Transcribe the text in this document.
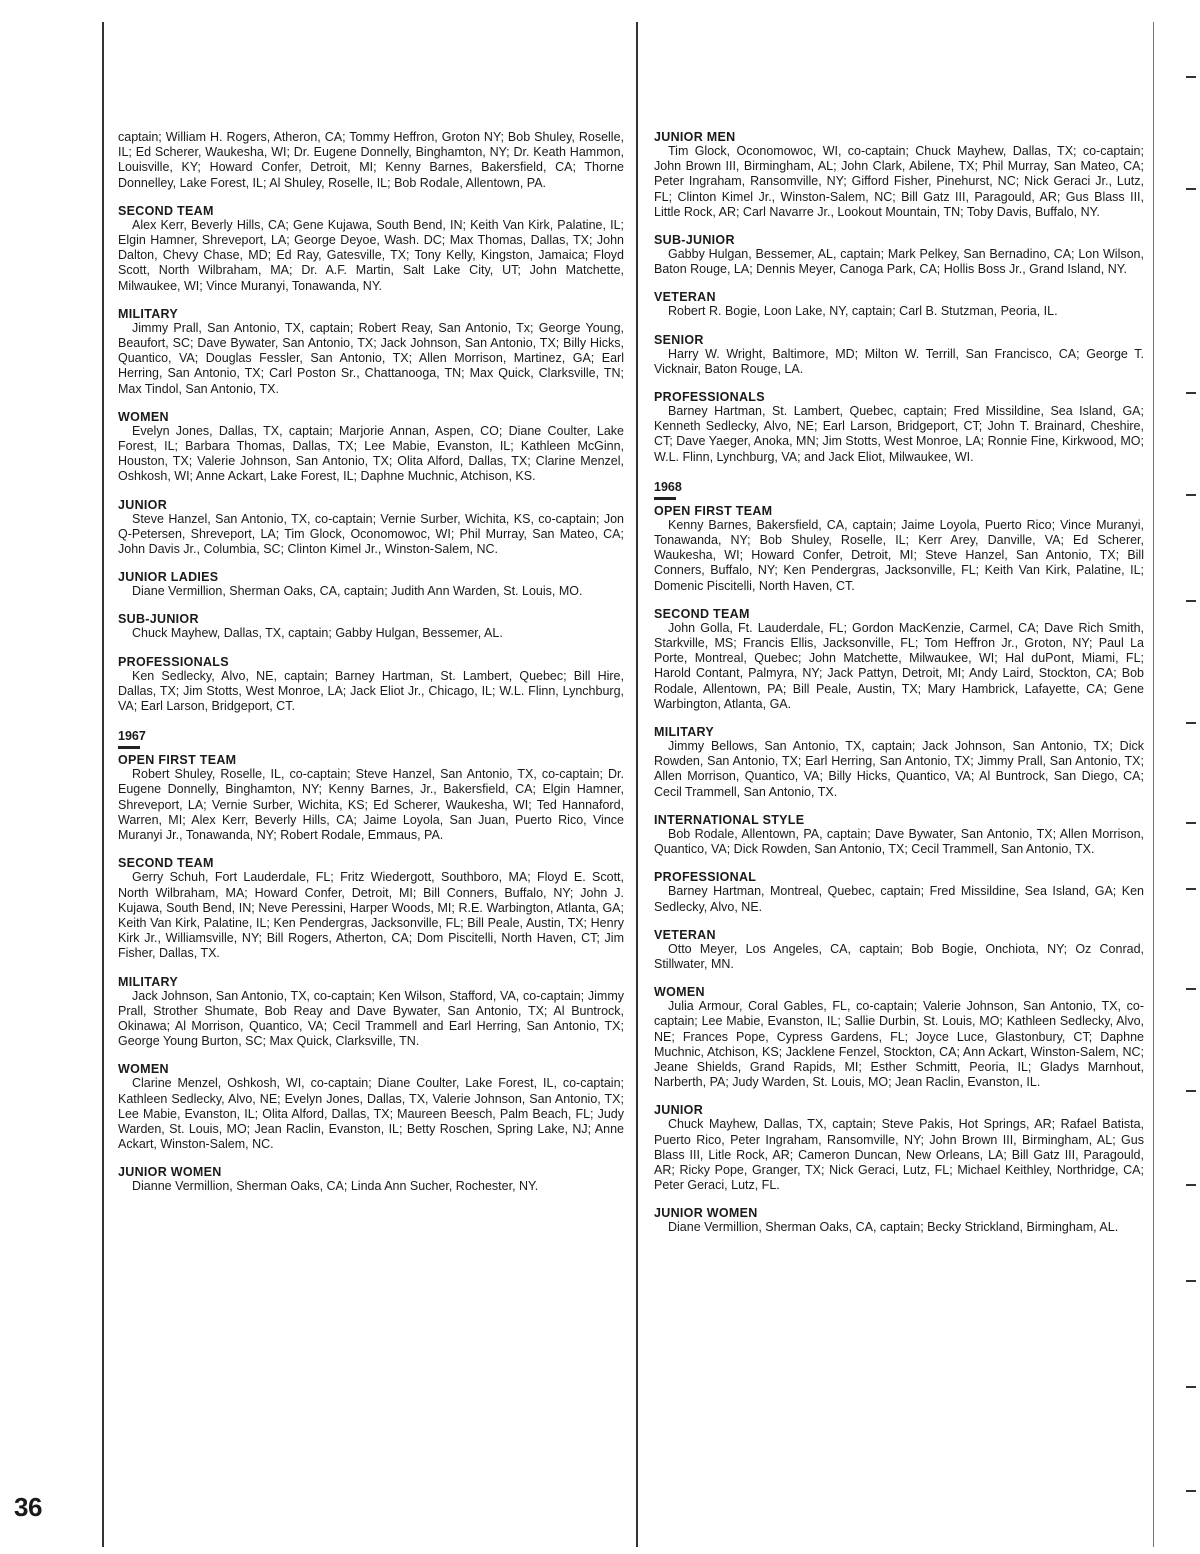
36

captain; William H. Rogers, Atheron, CA; Tommy Heffron, Groton NY; Bob Shuley, Roselle, IL; Ed Scherer, Waukesha, WI; Dr. Eugene Donnelly, Binghamton, NY; Dr. Keath Hammon, Louisville, KY; Howard Confer, Detroit, MI; Kenny Barnes, Bakersfield, CA; Thorne Donnelley, Lake Forest, IL; Al Shuley, Roselle, IL; Bob Rodale, Allentown, PA.

SECOND TEAM

Alex Kerr, Beverly Hills, CA; Gene Kujawa, South Bend, IN; Keith Van Kirk, Palatine, IL; Elgin Hamner, Shreveport, LA; George Deyoe, Wash. DC; Max Thomas, Dallas, TX; John Dalton, Chevy Chase, MD; Ed Ray, Gatesville, TX; Tony Kelly, Kingston, Jamaica; Floyd Scott, North Wilbraham, MA; Dr. A.F. Martin, Salt Lake City, UT; John Matchette, Milwaukee, WI; Vince Muranyi, Tonawanda, NY.

MILITARY

Jimmy Prall, San Antonio, TX, captain; Robert Reay, San Antonio, Tx; George Young, Beaufort, SC; Dave Bywater, San Antonio, TX; Jack Johnson, San Antonio, TX; Billy Hicks, Quantico, VA; Douglas Fessler, San Antonio, TX; Allen Morrison, Martinez, GA; Earl Herring, San Antonio, TX; Carl Poston Sr., Chattanooga, TN; Max Quick, Clarksville, TN; Max Tindol, San Antonio, TX.

WOMEN

Evelyn Jones, Dallas, TX, captain; Marjorie Annan, Aspen, CO; Diane Coulter, Lake Forest, IL; Barbara Thomas, Dallas, TX; Lee Mabie, Evanston, IL; Kathleen McGinn, Houston, TX; Valerie Johnson, San Antonio, TX; Olita Alford, Dallas, TX; Clarine Menzel, Oshkosh, WI; Anne Ackart, Lake Forest, IL; Daphne Muchnic, Atchison, KS.

JUNIOR

Steve Hanzel, San Antonio, TX, co-captain; Vernie Surber, Wichita, KS, co-captain; Jon Q-Petersen, Shreveport, LA; Tim Glock, Oconomowoc, WI; Phil Murray, San Mateo, CA; John Davis Jr., Columbia, SC; Clinton Kimel Jr., Winston-Salem, NC.

JUNIOR LADIES

Diane Vermillion, Sherman Oaks, CA, captain; Judith Ann Warden, St. Louis, MO.

SUB-JUNIOR

Chuck Mayhew, Dallas, TX, captain; Gabby Hulgan, Bessemer, AL.

PROFESSIONALS

Ken Sedlecky, Alvo, NE, captain; Barney Hartman, St. Lambert, Quebec; Bill Hire, Dallas, TX; Jim Stotts, West Monroe, LA; Jack Eliot Jr., Chicago, IL; W.L. Flinn, Lynchburg, VA; Earl Larson, Bridgeport, CT.

1967
OPEN FIRST TEAM

Robert Shuley, Roselle, IL, co-captain; Steve Hanzel, San Antonio, TX, co-captain; Dr. Eugene Donnelly, Binghamton, NY; Kenny Barnes, Jr., Bakersfield, CA; Elgin Hamner, Shreveport, LA; Vernie Surber, Wichita, KS; Ed Scherer, Waukesha, WI; Ted Hannaford, Warren, MI; Alex Kerr, Beverly Hills, CA; Jaime Loyola, San Juan, Puerto Rico, Vince Muranyi Jr., Tonawanda, NY; Robert Rodale, Emmaus, PA.

SECOND TEAM

Gerry Schuh, Fort Lauderdale, FL; Fritz Wiedergott, Southboro, MA; Floyd E. Scott, North Wilbraham, MA; Howard Confer, Detroit, MI; Bill Conners, Buffalo, NY; John J. Kujawa, South Bend, IN; Neve Peressini, Harper Woods, MI; R.E. Warbington, Atlanta, GA; Keith Van Kirk, Palatine, IL; Ken Pendergras, Jacksonville, FL; Bill Peale, Austin, TX; Henry Kirk Jr., Williamsville, NY; Bill Rogers, Atherton, CA; Dom Piscitelli, North Haven, CT; Jim Fisher, Dallas, TX.

MILITARY

Jack Johnson, San Antonio, TX, co-captain; Ken Wilson, Stafford, VA, co-captain; Jimmy Prall, Strother Shumate, Bob Reay and Dave Bywater, San Antonio, TX; Al Buntrock, Okinawa; Al Morrison, Quantico, VA; Cecil Trammell and Earl Herring, San Antonio, TX; George Young Burton, SC; Max Quick, Clarksville, TN.

WOMEN

Clarine Menzel, Oshkosh, WI, co-captain; Diane Coulter, Lake Forest, IL, co-captain; Kathleen Sedlecky, Alvo, NE; Evelyn Jones, Dallas, TX, Valerie Johnson, San Antonio, TX; Lee Mabie, Evanston, IL; Olita Alford, Dallas, TX; Maureen Beesch, Palm Beach, FL; Judy Warden, St. Louis, MO; Jean Raclin, Evanston, IL; Betty Roschen, Spring Lake, NJ; Anne Ackart, Winston-Salem, NC.

JUNIOR WOMEN

Dianne Vermillion, Sherman Oaks, CA; Linda Ann Sucher, Rochester, NY.

JUNIOR MEN

Tim Glock, Oconomowoc, WI, co-captain; Chuck Mayhew, Dallas, TX; co-captain; John Brown III, Birmingham, AL; John Clark, Abilene, TX; Phil Murray, San Mateo, CA; Peter Ingraham, Ransomville, NY; Gifford Fisher, Pinehurst, NC; Nick Geraci Jr., Lutz, FL; Clinton Kimel Jr., Winston-Salem, NC; Bill Gatz III, Paragould, AR; Gus Blass III, Little Rock, AR; Carl Navarre Jr., Lookout Mountain, TN; Toby Davis, Buffalo, NY.

SUB-JUNIOR

Gabby Hulgan, Bessemer, AL, captain; Mark Pelkey, San Bernadino, CA; Lon Wilson, Baton Rouge, LA; Dennis Meyer, Canoga Park, CA; Hollis Boss Jr., Grand Island, NY.

VETERAN

Robert R. Bogie, Loon Lake, NY, captain; Carl B. Stutzman, Peoria, IL.

SENIOR

Harry W. Wright, Baltimore, MD; Milton W. Terrill, San Francisco, CA; George T. Vicknair, Baton Rouge, LA.

PROFESSIONALS

Barney Hartman, St. Lambert, Quebec, captain; Fred Missildine, Sea Island, GA; Kenneth Sedlecky, Alvo, NE; Earl Larson, Bridgeport, CT; John T. Brainard, Cheshire, CT; Dave Yaeger, Anoka, MN; Jim Stotts, West Monroe, LA; Ronnie Fine, Kirkwood, MO; W.L. Flinn, Lynchburg, VA; and Jack Eliot, Milwaukee, WI.

1968
OPEN FIRST TEAM

Kenny Barnes, Bakersfield, CA, captain; Jaime Loyola, Puerto Rico; Vince Muranyi, Tonawanda, NY; Bob Shuley, Roselle, IL; Kerr Arey, Danville, VA; Ed Scherer, Waukesha, WI; Howard Confer, Detroit, MI; Steve Hanzel, San Antonio, TX; Bill Conners, Buffalo, NY; Ken Pendergras, Jacksonville, FL; Keith Van Kirk, Palatine, IL; Domenic Piscitelli, North Haven, CT.

SECOND TEAM

John Golla, Ft. Lauderdale, FL; Gordon MacKenzie, Carmel, CA; Dave Rich Smith, Starkville, MS; Francis Ellis, Jacksonville, FL; Tom Heffron Jr., Groton, NY; Paul La Porte, Montreal, Quebec; John Matchette, Milwaukee, WI; Hal duPont, Miami, FL; Harold Contant, Palmyra, NY; Jack Pattyn, Detroit, MI; Andy Laird, Stockton, CA; Bob Rodale, Allentown, PA; Bill Peale, Austin, TX; Mary Hambrick, Lafayette, CA; Gene Warbington, Atlanta, GA.

MILITARY

Jimmy Bellows, San Antonio, TX, captain; Jack Johnson, San Antonio, TX; Dick Rowden, San Antonio, TX; Earl Herring, San Antonio, TX; Jimmy Prall, San Antonio, TX; Allen Morrison, Quantico, VA; Billy Hicks, Quantico, VA; Al Buntrock, San Diego, CA; Cecil Trammell, San Antonio, TX.

INTERNATIONAL STYLE

Bob Rodale, Allentown, PA, captain; Dave Bywater, San Antonio, TX; Allen Morrison, Quantico, VA; Dick Rowden, San Antonio, TX; Cecil Trammell, San Antonio, TX.

PROFESSIONAL

Barney Hartman, Montreal, Quebec, captain; Fred Missildine, Sea Island, GA; Ken Sedlecky, Alvo, NE.

VETERAN

Otto Meyer, Los Angeles, CA, captain; Bob Bogie, Onchiota, NY; Oz Conrad, Stillwater, MN.

WOMEN

Julia Armour, Coral Gables, FL, co-captain; Valerie Johnson, San Antonio, TX, co-captain; Lee Mabie, Evanston, IL; Sallie Durbin, St. Louis, MO; Kathleen Sedlecky, Alvo, NE; Frances Pope, Cypress Gardens, FL; Joyce Luce, Glastonbury, CT; Daphne Muchnic, Atchison, KS; Jacklene Fenzel, Stockton, CA; Ann Ackart, Winston-Salem, NC; Jeane Shields, Grand Rapids, MI; Esther Schmitt, Peoria, IL; Gladys Marnhout, Narberth, PA; Judy Warden, St. Louis, MO; Jean Raclin, Evanston, IL.

JUNIOR

Chuck Mayhew, Dallas, TX, captain; Steve Pakis, Hot Springs, AR; Rafael Batista, Puerto Rico, Peter Ingraham, Ransomville, NY; John Brown III, Birmingham, AL; Gus Blass III, Litle Rock, AR; Cameron Duncan, New Orleans, LA; Bill Gatz III, Paragould, AR; Ricky Pope, Granger, TX; Nick Geraci, Lutz, FL; Michael Keithley, Northridge, CA; Peter Geraci, Lutz, FL.

JUNIOR WOMEN

Diane Vermillion, Sherman Oaks, CA, captain; Becky Strickland, Birmingham, AL.
